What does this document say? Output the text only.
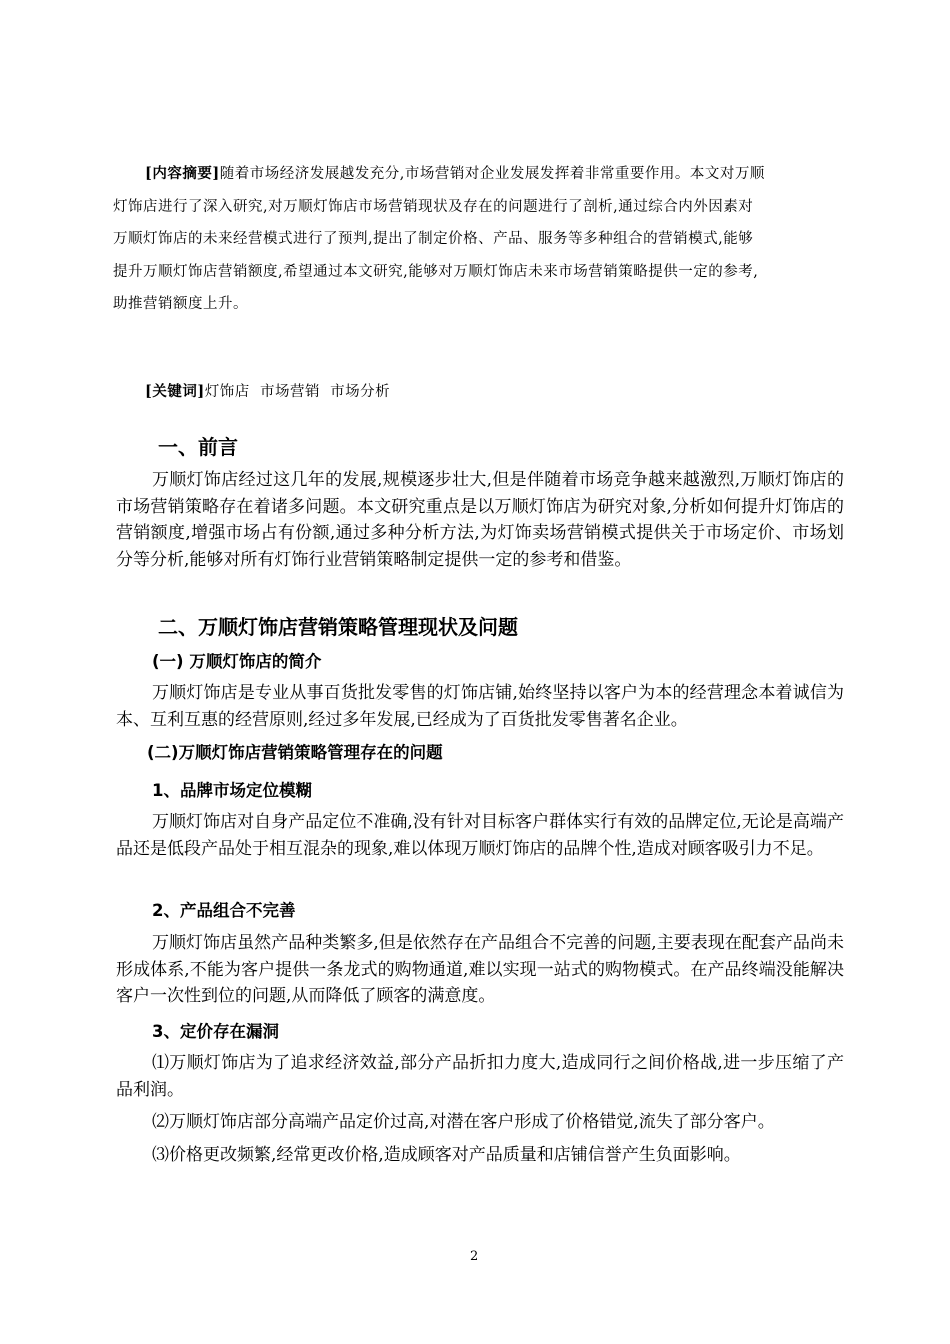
[内容摘要]随着市场经济发展越发充分,市场营销对企业发展发挥着非常重要作用。本文对万顺
灯饰店进行了深入研究,对万顺灯饰店市场营销现状及存在的问题进行了剖析,通过综合内外因素对
万顺灯饰店的未来经营模式进行了预判,提出了制定价格、产品、服务等多种组合的营销模式,能够
提升万顺灯饰店营销额度,希望通过本文研究,能够对万顺灯饰店未来市场营销策略提供一定的参考,
助推营销额度上升。
[关键词]灯饰店  市场营销  市场分析
一、前言

万顺灯饰店经过这几年的发展,规模逐步壮大,但是伴随着市场竞争越来越激烈,万顺灯饰店的市场营销策略存在着诸多问题。本文研究重点是以万顺灯饰店为研究对象,分析如何提升灯饰店的营销额度,增强市场占有份额,通过多种分析方法,为灯饰卖场营销模式提供关于市场定价、市场划分等分析,能够对所有灯饰行业营销策略制定提供一定的参考和借鉴。

二、万顺灯饰店营销策略管理现状及问题
(一) 万顺灯饰店的简介

万顺灯饰店是专业从事百货批发零售的灯饰店铺,始终坚持以客户为本的经营理念本着诚信为本、互利互惠的经营原则,经过多年发展,已经成为了百货批发零售著名企业。

(二)万顺灯饰店营销策略管理存在的问题
1、品牌市场定位模糊

万顺灯饰店对自身产品定位不准确,没有针对目标客户群体实行有效的品牌定位,无论是高端产品还是低段产品处于相互混杂的现象,难以体现万顺灯饰店的品牌个性,造成对顾客吸引力不足。

2、产品组合不完善

万顺灯饰店虽然产品种类繁多,但是依然存在产品组合不完善的问题,主要表现在配套产品尚未形成体系,不能为客户提供一条龙式的购物通道,难以实现一站式的购物模式。在产品终端没能解决客户一次性到位的问题,从而降低了顾客的满意度。

3、定价存在漏洞

⑴万顺灯饰店为了追求经济效益,部分产品折扣力度大,造成同行之间价格战,进一步压缩了产品利润。

⑵万顺灯饰店部分高端产品定价过高,对潜在客户形成了价格错觉,流失了部分客户。

⑶价格更改频繁,经常更改价格,造成顾客对产品质量和店铺信誉产生负面影响。

2
